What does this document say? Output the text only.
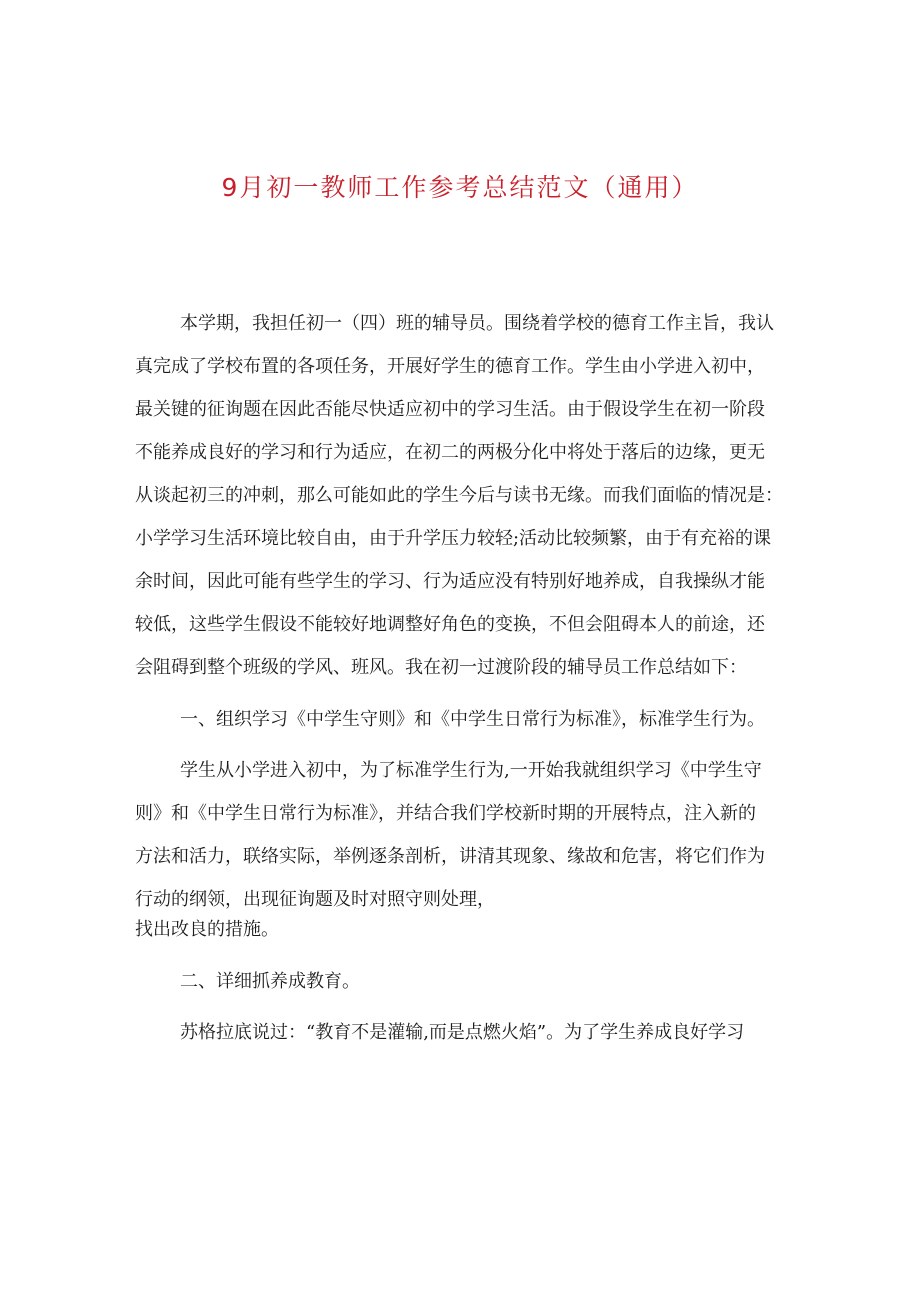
9月初一教师工作参考总结范文（通用）

本学期，我担任初一（四）班的辅导员。围绕着学校的德育工作主旨，我认

真完成了学校布置的各项任务，开展好学生的德育工作。学生由小学进入初中，

最关键的征询题在因此否能尽快适应初中的学习生活。由于假设学生在初一阶段

不能养成良好的学习和行为适应，在初二的两极分化中将处于落后的边缘，更无

从谈起初三的冲刺，那么可能如此的学生今后与读书无缘。而我们面临的情况是：

小学学习生活环境比较自由，由于升学压力较轻;活动比较频繁，由于有充裕的课

余时间，因此可能有些学生的学习、行为适应没有特别好地养成，自我操纵才能

较低，这些学生假设不能较好地调整好角色的变换，不但会阻碍本人的前途，还

会阻碍到整个班级的学风、班风。我在初一过渡阶段的辅导员工作总结如下：

一、组织学习《中学生守则》和《中学生日常行为标准》，标准学生行为。

学生从小学进入初中，为了标准学生行为,一开始我就组织学习《中学生守

则》和《中学生日常行为标准》，并结合我们学校新时期的开展特点，注入新的

方法和活力，联络实际，举例逐条剖析，讲清其现象、缘故和危害，将它们作为

行动的纲领，出现征询题及时对照守则处理，

找出改良的措施。

二、详细抓养成教育。

苏格拉底说过：“教育不是灌输,而是点燃火焰”。为了学生养成良好学习
